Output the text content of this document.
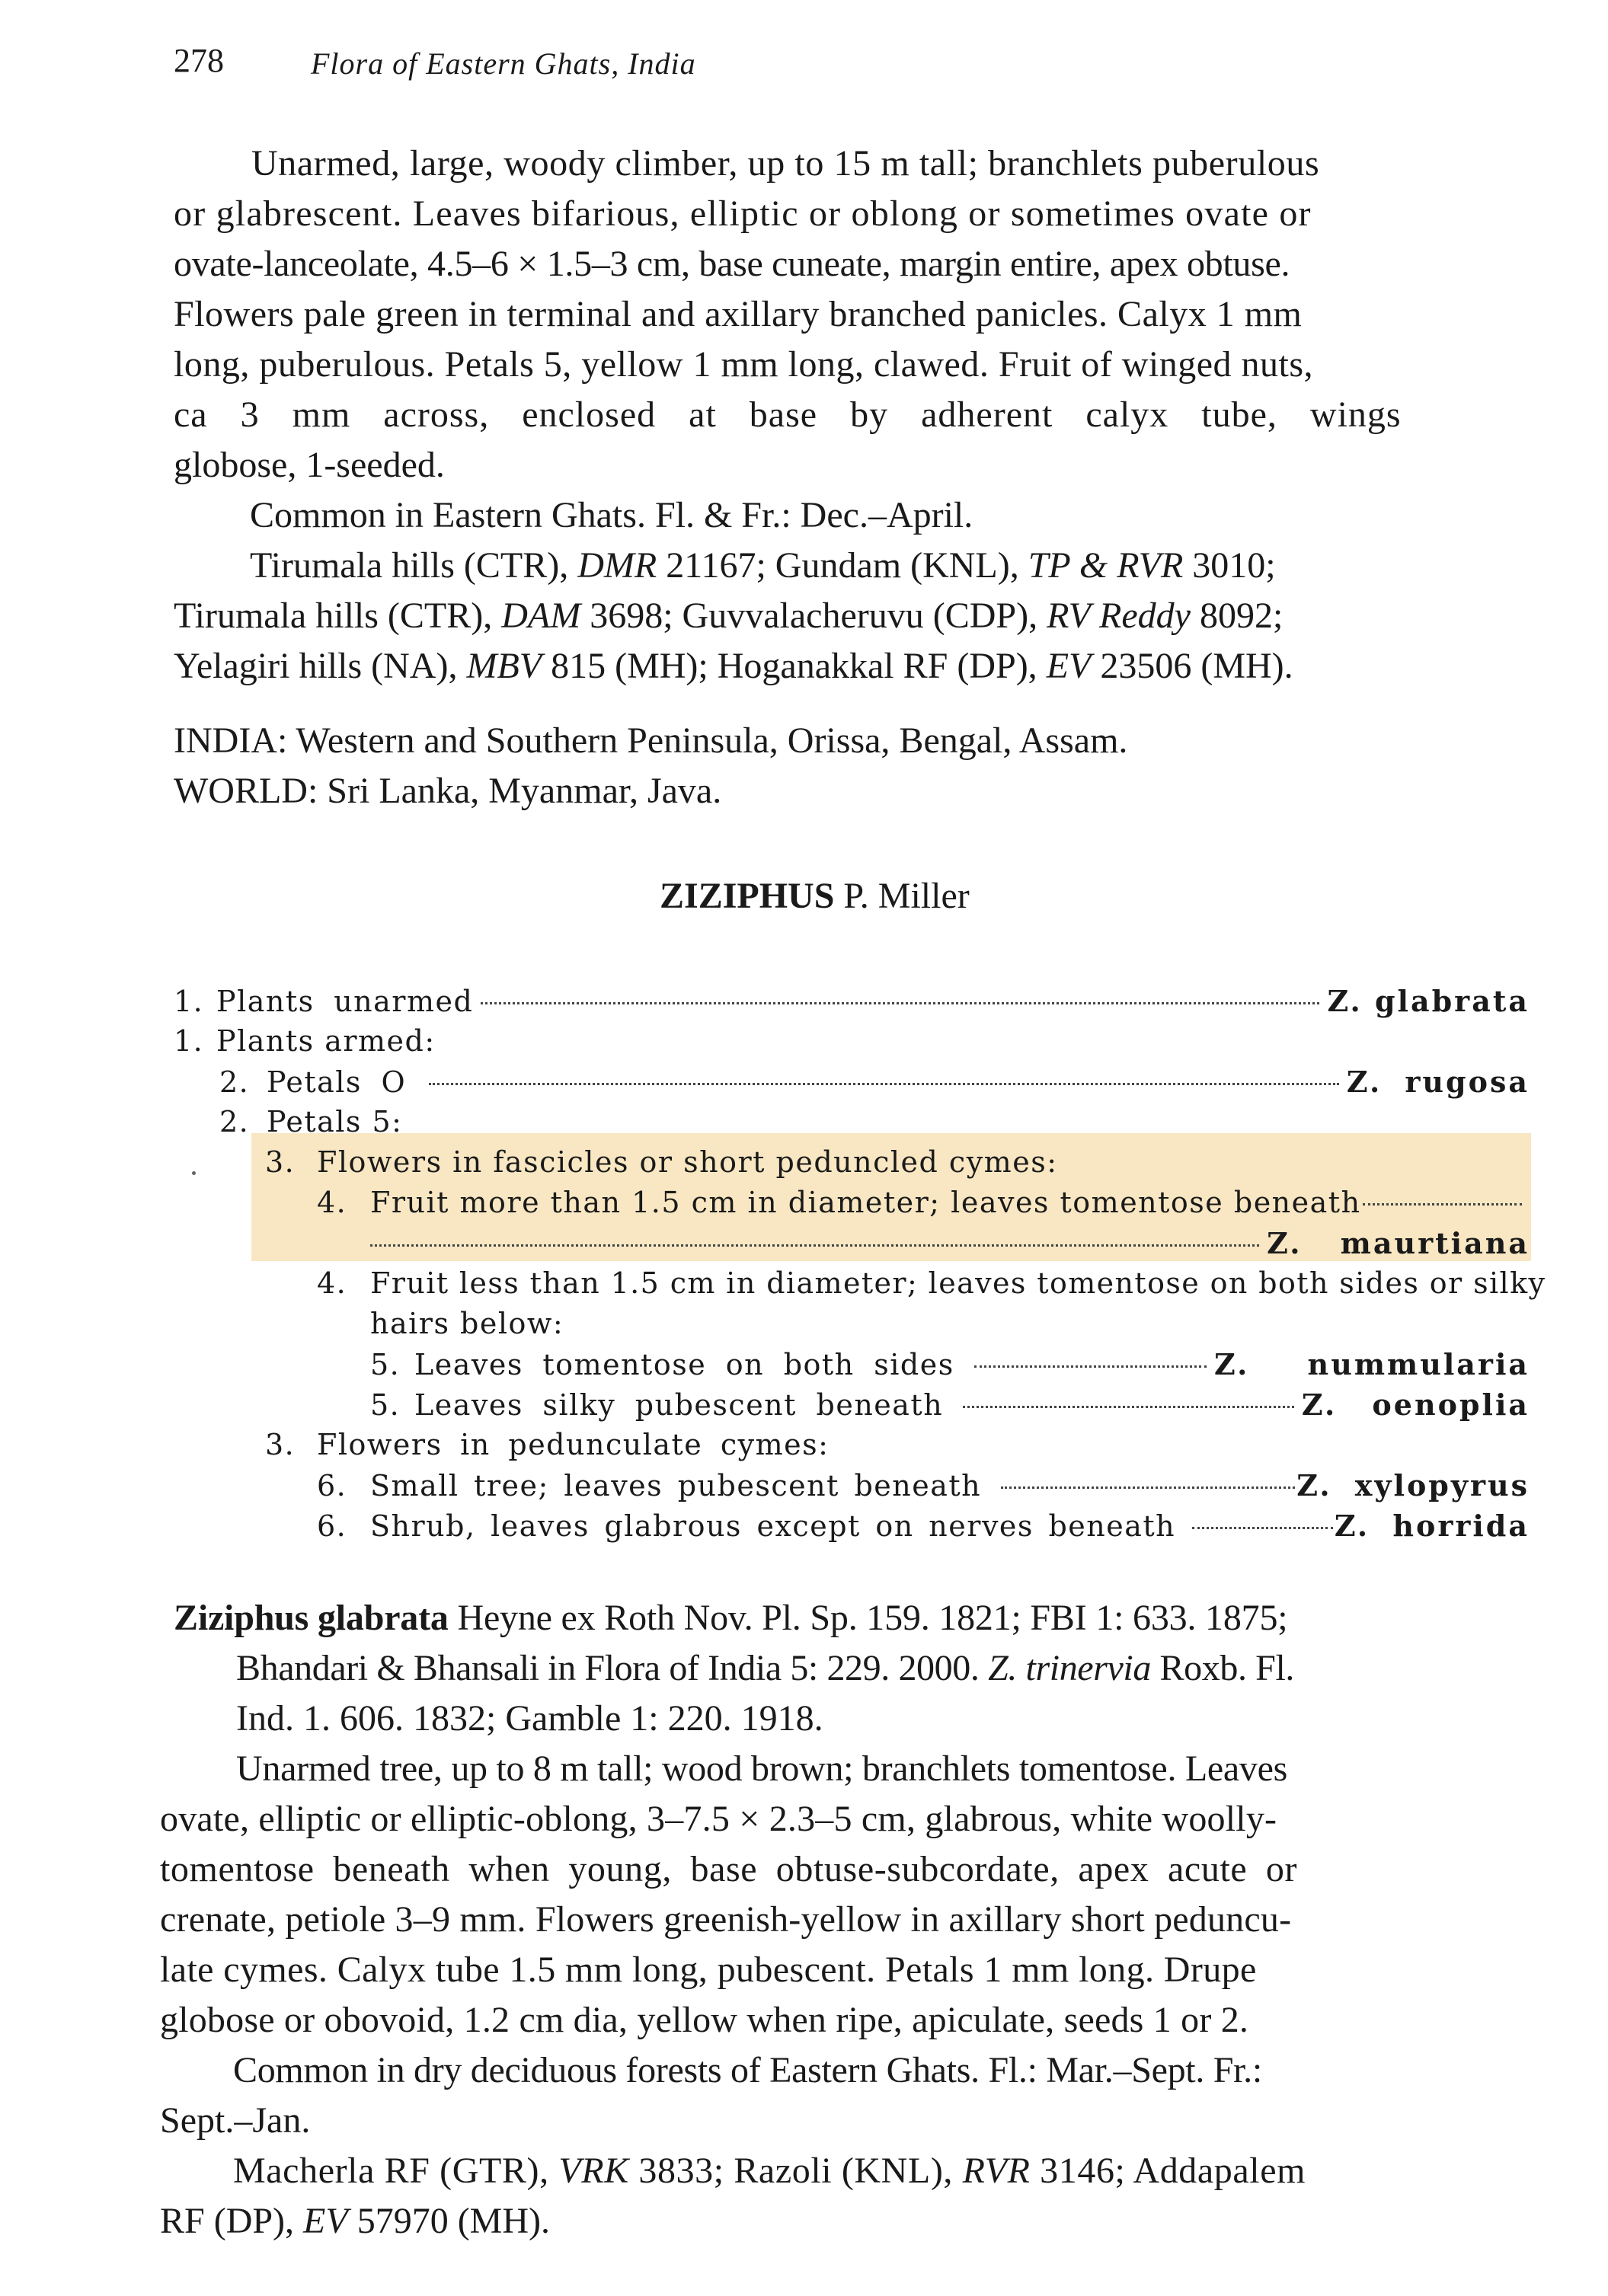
278	Flora of Eastern Ghats, India
Unarmed, large, woody climber, up to 15 m tall; branchlets puberulous
or glabrescent. Leaves bifarious, elliptic or oblong or sometimes ovate or
ovate-lanceolate, 4.5–6 × 1.5–3 cm, base cuneate, margin entire, apex obtuse.
Flowers pale green in terminal and axillary branched panicles. Calyx 1 mm
long, puberulous. Petals 5, yellow 1 mm long, clawed. Fruit of winged nuts,
ca 3 mm across, enclosed at base by adherent calyx tube, wings
globose, 1-seeded.
Common in Eastern Ghats. Fl. & Fr.: Dec.–April.
Tirumala hills (CTR), DMR 21167; Gundam (KNL), TP & RVR 3010;
Tirumala hills (CTR), DAM 3698; Guvvalacheruvu (CDP), RV Reddy 8092;
Yelagiri hills (NA), MBV 815 (MH); Hoganakkal RF (DP), EV 23506 (MH).
INDIA: Western and Southern Peninsula, Orissa, Bengal, Assam.
WORLD: Sri Lanka, Myanmar, Java.
ZIZIPHUS P. Miller
1. Plants unarmed	Z. glabrata
1. Plants armed:
2. Petals O	Z. rugosa
2. Petals 5:
3. Flowers in fascicles or short peduncled cymes:
4. Fruit more than 1.5 cm in diameter; leaves tomentose beneath
Z. maurtiana
4. Fruit less than 1.5 cm in diameter; leaves tomentose on both sides or silky
hairs below:
5. Leaves tomentose on both sides	Z. nummularia
5. Leaves silky pubescent beneath	Z. oenoplia
3. Flowers in pedunculate cymes:
6. Small tree; leaves pubescent beneath	Z. xylopyrus
6. Shrub, leaves glabrous except on nerves beneath	Z. horrida
Ziziphus glabrata Heyne ex Roth Nov. Pl. Sp. 159. 1821; FBI 1: 633. 1875;
Bhandari & Bhansali in Flora of India 5: 229. 2000. Z. trinervia Roxb. Fl.
Ind. 1. 606. 1832; Gamble 1: 220. 1918.
Unarmed tree, up to 8 m tall; wood brown; branchlets tomentose. Leaves
ovate, elliptic or elliptic-oblong, 3–7.5 × 2.3–5 cm, glabrous, white woolly-
tomentose beneath when young, base obtuse-subcordate, apex acute or
crenate, petiole 3–9 mm. Flowers greenish-yellow in axillary short peduncu-
late cymes. Calyx tube 1.5 mm long, pubescent. Petals 1 mm long. Drupe
globose or obovoid, 1.2 cm dia, yellow when ripe, apiculate, seeds 1 or 2.
Common in dry deciduous forests of Eastern Ghats. Fl.: Mar.–Sept. Fr.:
Sept.–Jan.
Macherla RF (GTR), VRK 3833; Razoli (KNL), RVR 3146; Addapalem
RF (DP), EV 57970 (MH).
